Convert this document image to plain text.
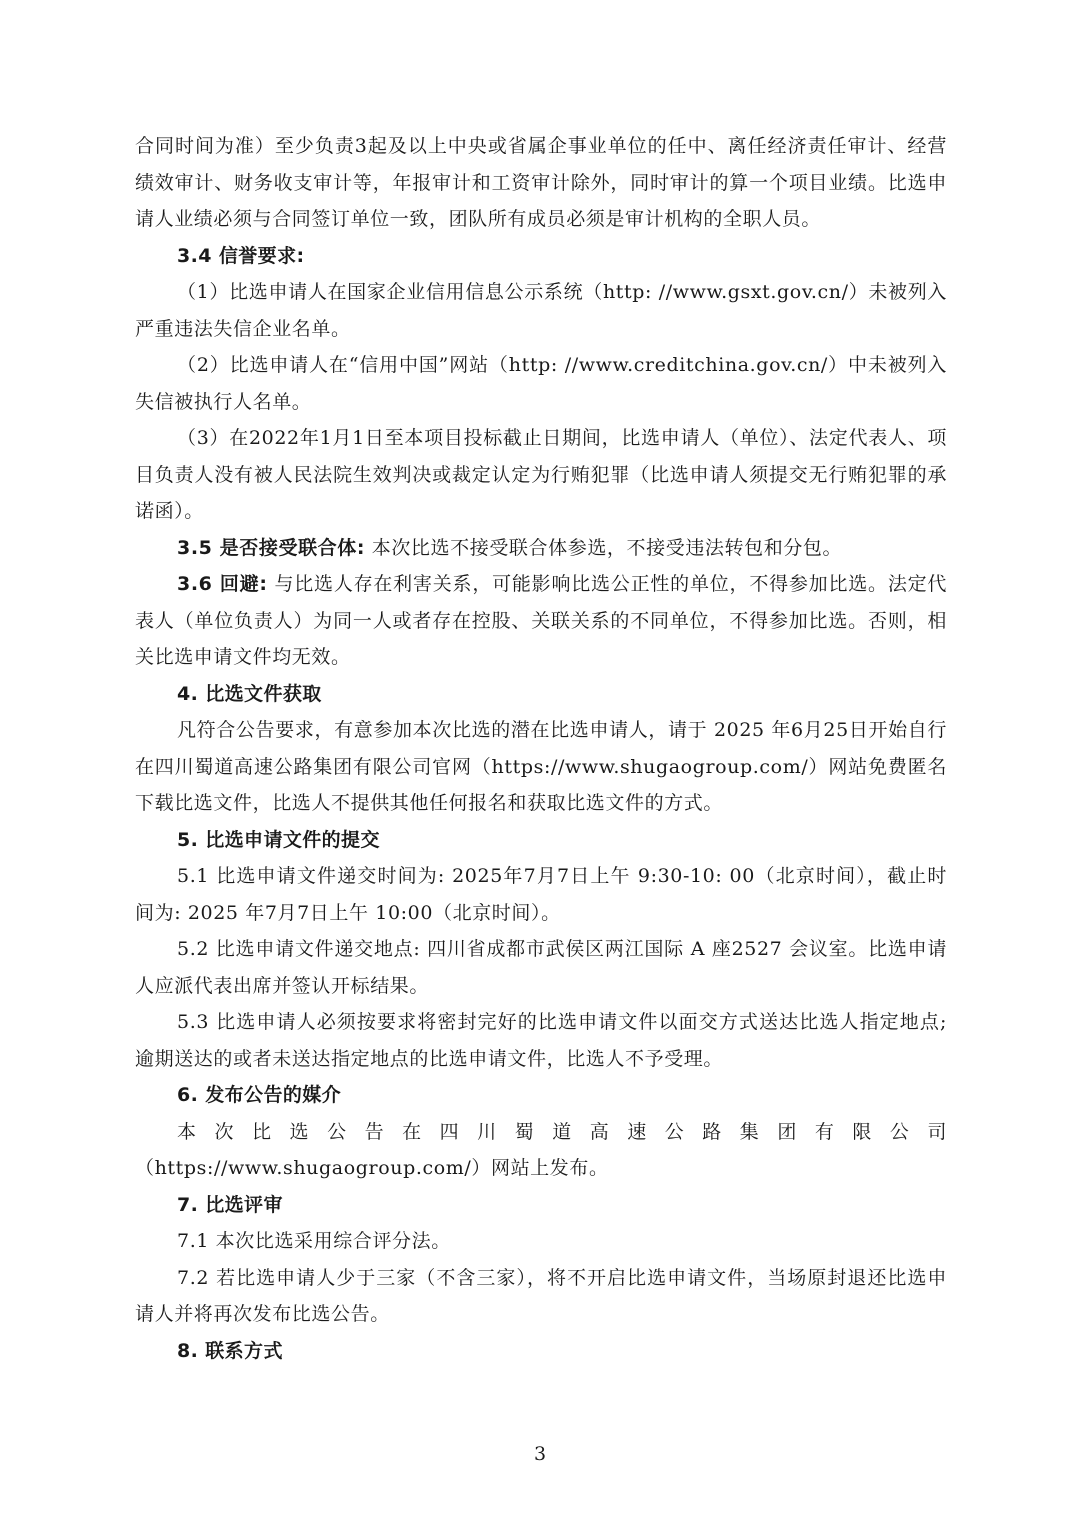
合同时间为准）至少负责3起及以上中央或省属企事业单位的任中、离任经济责任审计、经营绩效审计、财务收支审计等，年报审计和工资审计除外，同时审计的算一个项目业绩。比选申请人业绩必须与合同签订单位一致，团队所有成员必须是审计机构的全职人员。

3.4 信誉要求:

（1）比选申请人在国家企业信用信息公示系统（http: //www.gsxt.gov.cn/）未被列入严重违法失信企业名单。

（2）比选申请人在“信用中国”网站（http: //www.creditchina.gov.cn/）中未被列入失信被执行人名单。

（3）在2022年1月1日至本项目投标截止日期间，比选申请人（单位）、法定代表人、项目负责人没有被人民法院生效判决或裁定认定为行贿犯罪（比选申请人须提交无行贿犯罪的承诺函）。

3.5 是否接受联合体: 本次比选不接受联合体参选，不接受违法转包和分包。

3.6 回避: 与比选人存在利害关系，可能影响比选公正性的单位，不得参加比选。法定代表人（单位负责人）为同一人或者存在控股、关联关系的不同单位，不得参加比选。否则，相关比选申请文件均无效。

4. 比选文件获取

凡符合公告要求，有意参加本次比选的潜在比选申请人，请于 2025 年6月25日开始自行在四川蜀道高速公路集团有限公司官网（https://www.shugaogroup.com/）网站免费匿名下载比选文件，比选人不提供其他任何报名和获取比选文件的方式。

5. 比选申请文件的提交

5.1 比选申请文件递交时间为: 2025年7月7日上午 9:30-10: 00（北京时间），截止时间为: 2025 年7月7日上午 10:00（北京时间）。

5.2 比选申请文件递交地点: 四川省成都市武侯区两江国际 A 座2527 会议室。比选申请人应派代表出席并签认开标结果。

5.3 比选申请人必须按要求将密封完好的比选申请文件以面交方式送达比选人指定地点; 逾期送达的或者未送达指定地点的比选申请文件，比选人不予受理。

6. 发布公告的媒介

本次比选公告在四川蜀道高速公路集团有限公司

（https://www.shugaogroup.com/）网站上发布。

7. 比选评审

7.1 本次比选采用综合评分法。

7.2 若比选申请人少于三家（不含三家），将不开启比选申请文件，当场原封退还比选申请人并将再次发布比选公告。

8. 联系方式

3
